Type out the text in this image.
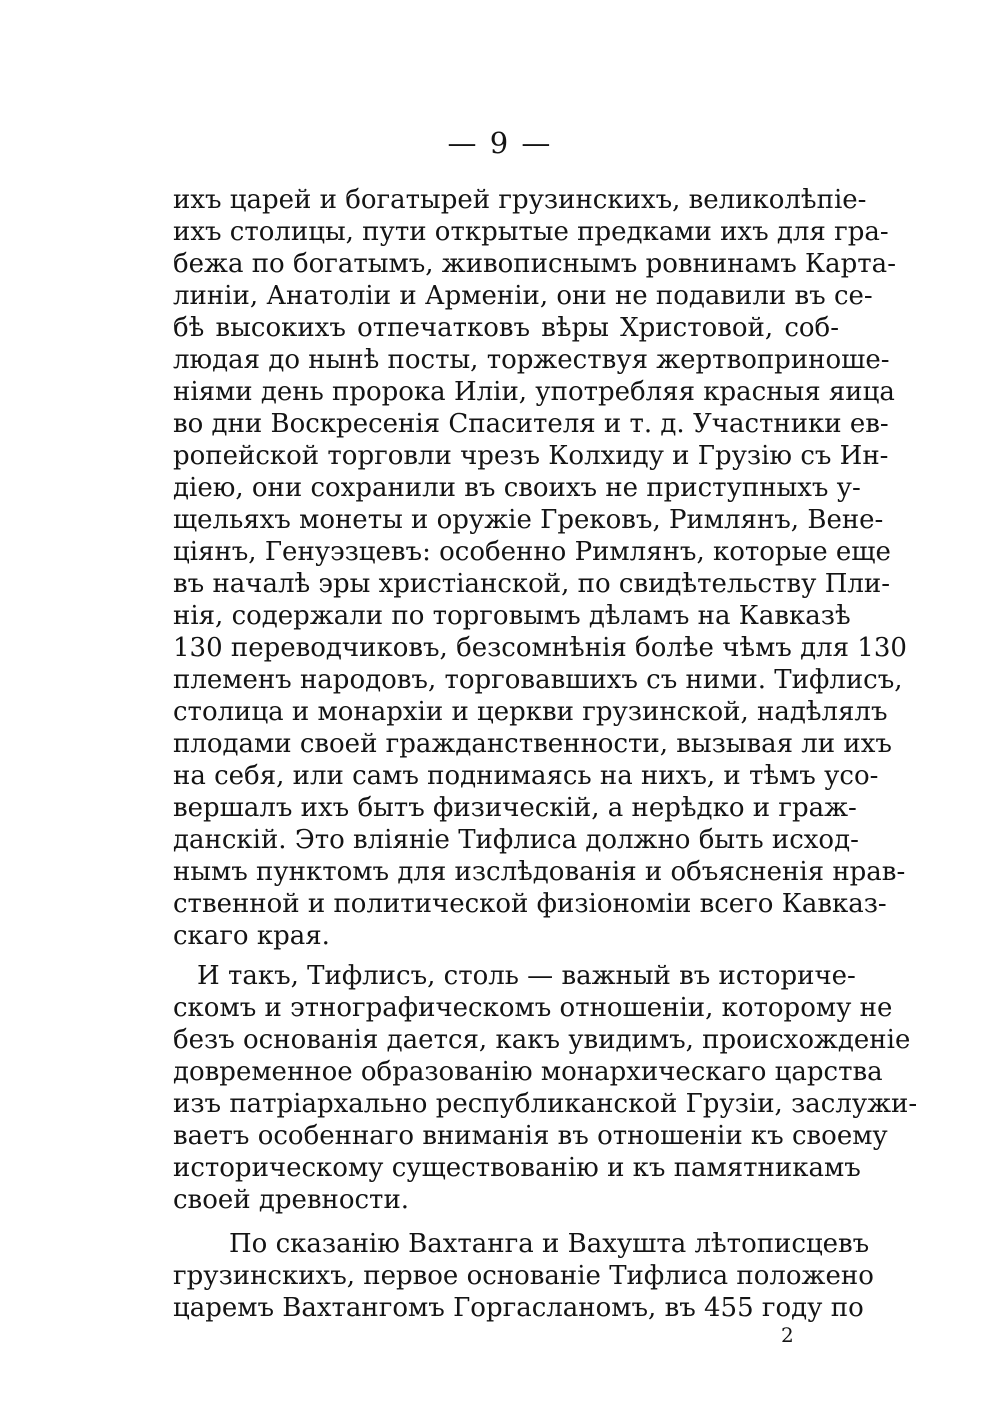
— 9 —
ихъ царей и богатырей грузинскихъ, великолѣпіе-
ихъ столицы, пути открытые предками ихъ для гра-
бежа по богатымъ, живописнымъ ровнинамъ Карта-
линіи, Анатоліи и Арменіи, они не подавили въ се-
бѣ высокихъ отпечатковъ вѣры Христовой, соб-
людая до нынѣ посты, торжествуя жертвоприноше-
ніями день пророка Иліи, употребляя красныя яица
во дни Воскресенія Спасителя и т. д. Участники ев-
ропейской торговли чрезъ Колхиду и Грузію съ Ин-
діею, они сохранили въ своихъ не приступныхъ у-
щельяхъ монеты и оружіе Грековъ, Римлянъ, Вене-
ціянъ, Генуэзцевъ: особенно Римлянъ, которые еще
въ началѣ эры христіанской, по свидѣтельству Пли-
нія, содержали по торговымъ дѣламъ на Кавказѣ
130 переводчиковъ, безсомнѣнія болѣе чѣмъ для 130
племенъ народовъ, торговавшихъ съ ними. Тифлисъ,
столица и монархіи и церкви грузинской, надѣлялъ
плодами своей гражданственности, вызывая ли ихъ
на себя, или самъ поднимаясь на нихъ, и тѣмъ усо-
вершалъ ихъ бытъ физическій, а нерѣдко и граж-
данскій. Это вліяніе Тифлиса должно быть исход-
нымъ пунктомъ для изслѣдованія и объясненія нрав-
ственной и политической физіономіи всего Кавказ-
скаго края.
И такъ, Тифлисъ, столь — важный въ историче-
скомъ и этнографическомъ отношеніи, которому не
безъ основанія дается, какъ увидимъ, происхожденіе
довременное образованію монархическаго царства
изъ патріархально республиканской Грузіи, заслужи-
ваетъ особеннаго вниманія въ отношеніи къ своему
историческому существованію и къ памятникамъ
своей древности.
По сказанію Вахтанга и Вахушта лѣтописцевъ
грузинскихъ, первое основаніе Тифлиса положено
царемъ Вахтангомъ Горгасланомъ, въ 455 году по
2
